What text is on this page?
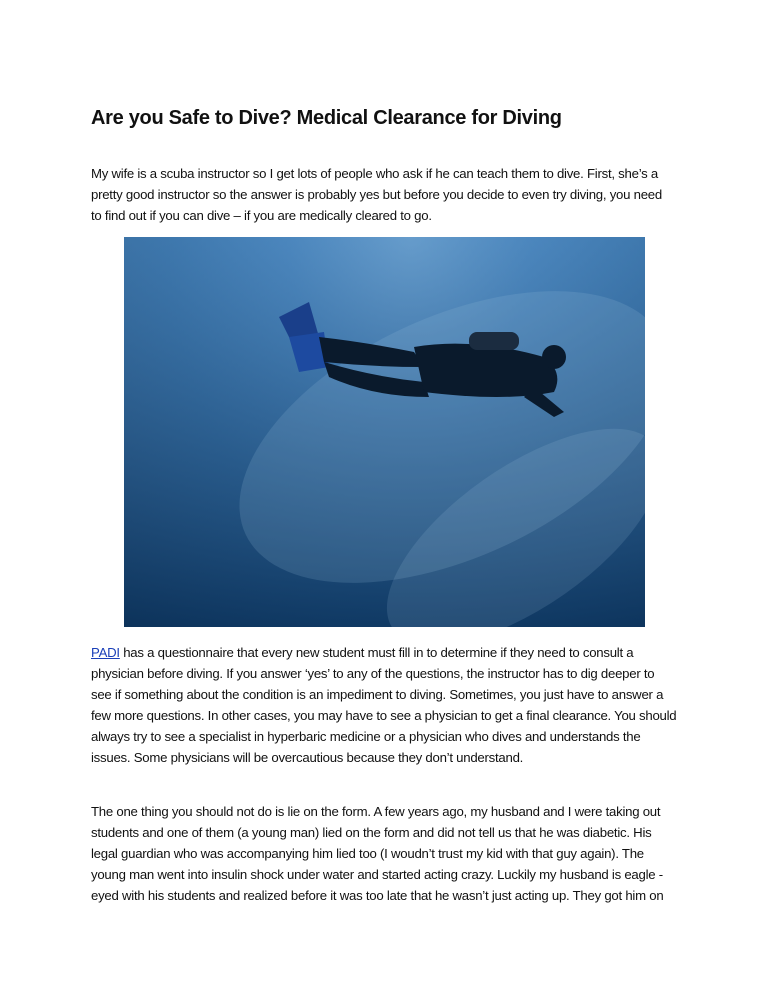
Are you Safe to Dive? Medical Clearance for Diving
My wife is a scuba instructor so I get lots of people who ask if he can teach them to dive. First, she’s a
pretty good instructor so the answer is probably yes but before you decide to even try diving, you need
to find out if you can dive – if you are medically cleared to go.
PADI has a questionnaire that every new student must fill in to determine if they need to consult a
physician before diving. If you answer ‘yes’ to any of the questions, the instructor has to dig deeper to
see if something about the condition is an impediment to diving. Sometimes, you just have to answer a
few more questions. In other cases, you may have to see a physician to get a final clearance. You should
always try to see a specialist in hyperbaric medicine or a physician who dives and understands the
issues. Some physicians will be overcautious because they don’t understand.
The one thing you should not do is lie on the form. A few years ago, my husband and I were taking out
students and one of them (a young man) lied on the form and did not tell us that he was diabetic. His
legal guardian who was accompanying him lied too (I woudn’t trust my kid with that guy again). The
young man went into insulin shock under water and started acting crazy. Luckily my husband is eagle -
eyed with his students and realized before it was too late that he wasn’t just acting up. They got him on
